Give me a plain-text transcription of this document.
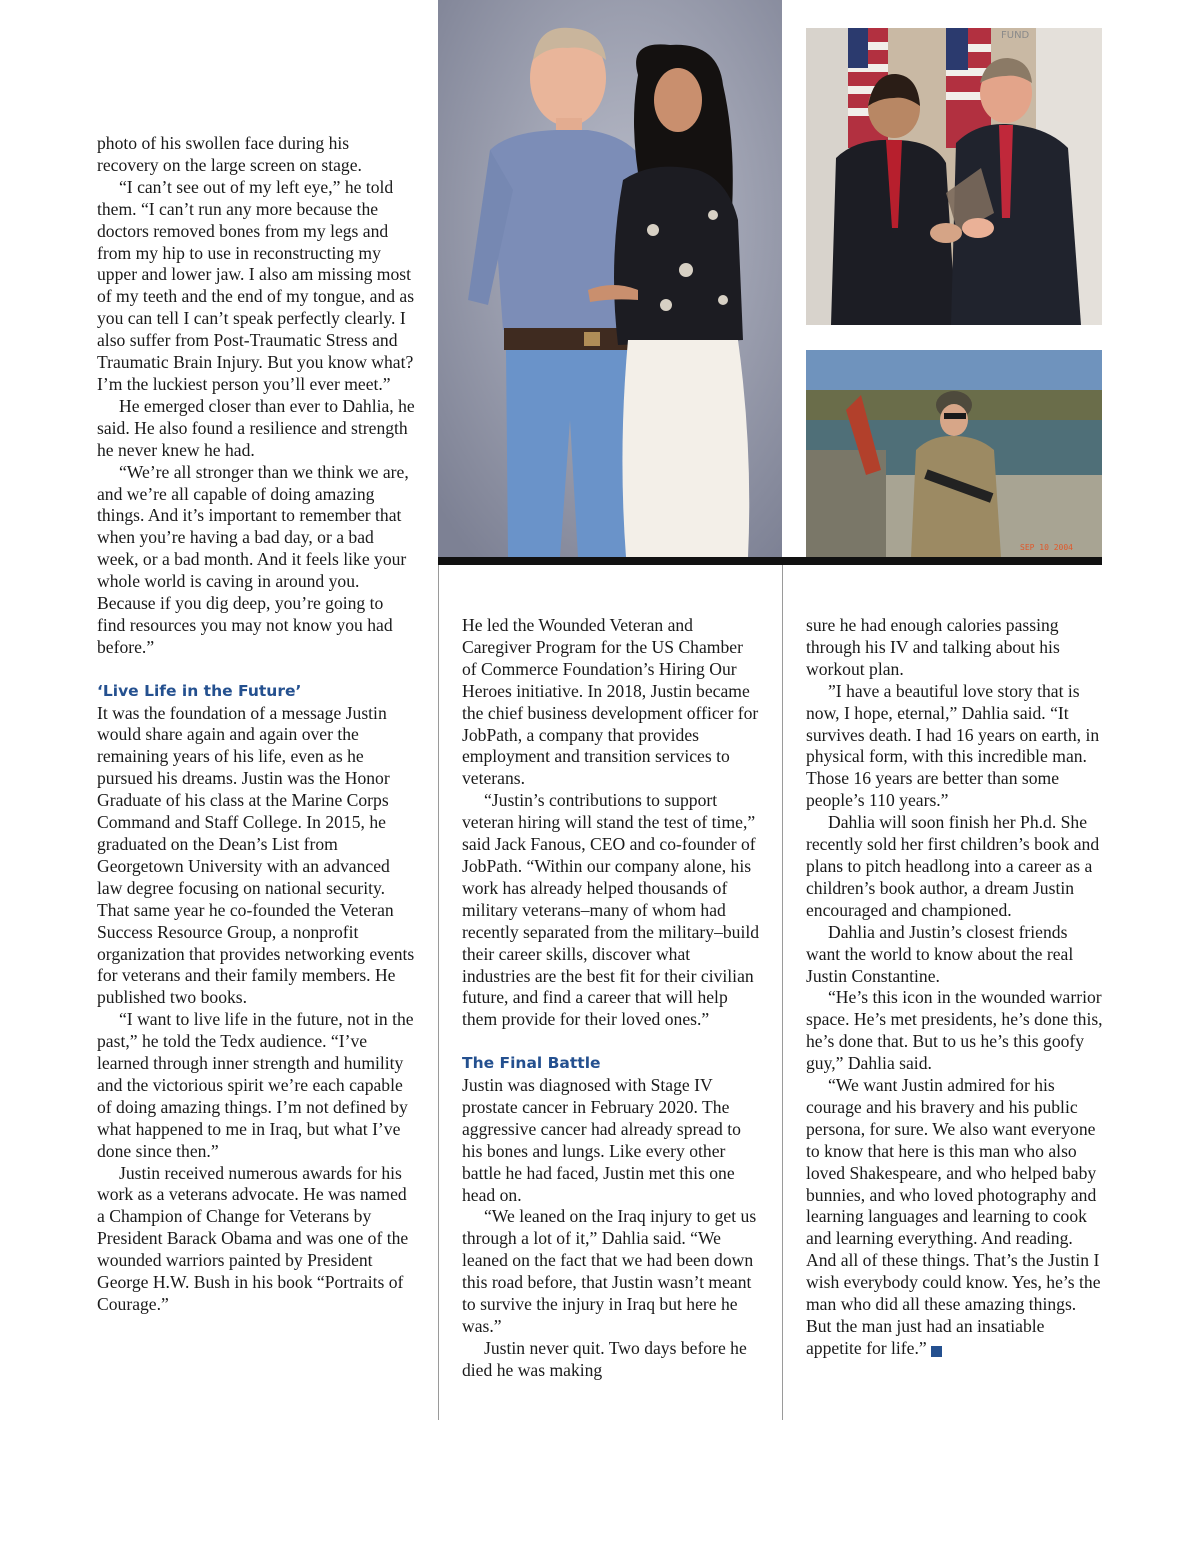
FUND
SEP 10 2004

photo of his swollen face during his recovery on the large screen on stage.

“I can’t see out of my left eye,” he told them. “I can’t run any more because the doctors removed bones from my legs and from my hip to use in reconstructing my upper and lower jaw. I also am missing most of my teeth and the end of my tongue, and as you can tell I can’t speak perfectly clearly. I also suffer from Post-Traumatic Stress and Traumatic Brain Injury. But you know what? I’m the luckiest person you’ll ever meet.”

He emerged closer than ever to Dahlia, he said. He also found a resilience and strength he never knew he had.

“We’re all stronger than we think we are, and we’re all capable of doing amazing things. And it’s important to remember that when you’re having a bad day, or a bad week, or a bad month. And it feels like your whole world is caving in around you. Because if you dig deep, you’re going to find resources you may not know you had before.”

‘Live Life in the Future’

It was the foundation of a message Justin would share again and again over the remaining years of his life, even as he pursued his dreams. Justin was the Honor Graduate of his class at the Marine Corps Command and Staff College. In 2015, he graduated on the Dean’s List from Georgetown University with an advanced law degree focusing on national security. That same year he co-founded the Veteran Success Resource Group, a nonprofit organization that provides networking events for veterans and their family members. He published two books.

“I want to live life in the future, not in the past,” he told the Tedx audience. “I’ve learned through inner strength and humility and the victorious spirit we’re each capable of doing amazing things. I’m not defined by what happened to me in Iraq, but what I’ve done since then.”

Justin received numerous awards for his work as a veterans advocate. He was named a Champion of Change for Veterans by President Barack Obama and was one of the wounded warriors painted by President George H.W. Bush in his book “Portraits of Courage.”

He led the Wounded Veteran and Caregiver Program for the US Chamber of Commerce Foundation’s Hiring Our Heroes initiative. In 2018, Justin became the chief business development officer for JobPath, a company that provides employment and transition services to veterans.

“Justin’s contributions to support veteran hiring will stand the test of time,” said Jack Fanous, CEO and co-founder of JobPath. “Within our company alone, his work has already helped thousands of military veterans–many of whom had recently separated from the military–build their career skills, discover what industries are the best fit for their civilian future, and find a career that will help them provide for their loved ones.”

The Final Battle

Justin was diagnosed with Stage IV prostate cancer in February 2020. The aggressive cancer had already spread to his bones and lungs. Like every other battle he had faced, Justin met this one head on.

“We leaned on the Iraq injury to get us through a lot of it,” Dahlia said. “We leaned on the fact that we had been down this road before, that Justin wasn’t meant to survive the injury in Iraq but here he was.”

Justin never quit. Two days before he died he was making

sure he had enough calories passing through his IV and talking about his workout plan.

”I have a beautiful love story that is now, I hope, eternal,” Dahlia said. “It survives death. I had 16 years on earth, in physical form, with this incredible man. Those 16 years are better than some people’s 110 years.”

Dahlia will soon finish her Ph.d. She recently sold her first children’s book and plans to pitch headlong into a career as a children’s book author, a dream Justin encouraged and championed.

Dahlia and Justin’s closest friends want the world to know about the real Justin Constantine.

“He’s this icon in the wounded warrior space. He’s met presidents, he’s done this, he’s done that. But to us he’s this goofy guy,” Dahlia said.

“We want Justin admired for his courage and his bravery and his public persona, for sure. We also want everyone to know that here is this man who also loved Shakespeare, and who helped baby bunnies, and who loved photography and learning languages and learning to cook and learning everything. And reading. And all of these things. That’s the Justin I wish everybody could know. Yes, he’s the man who did all these amazing things. But the man just had an insatiable appetite for life.”	GI
